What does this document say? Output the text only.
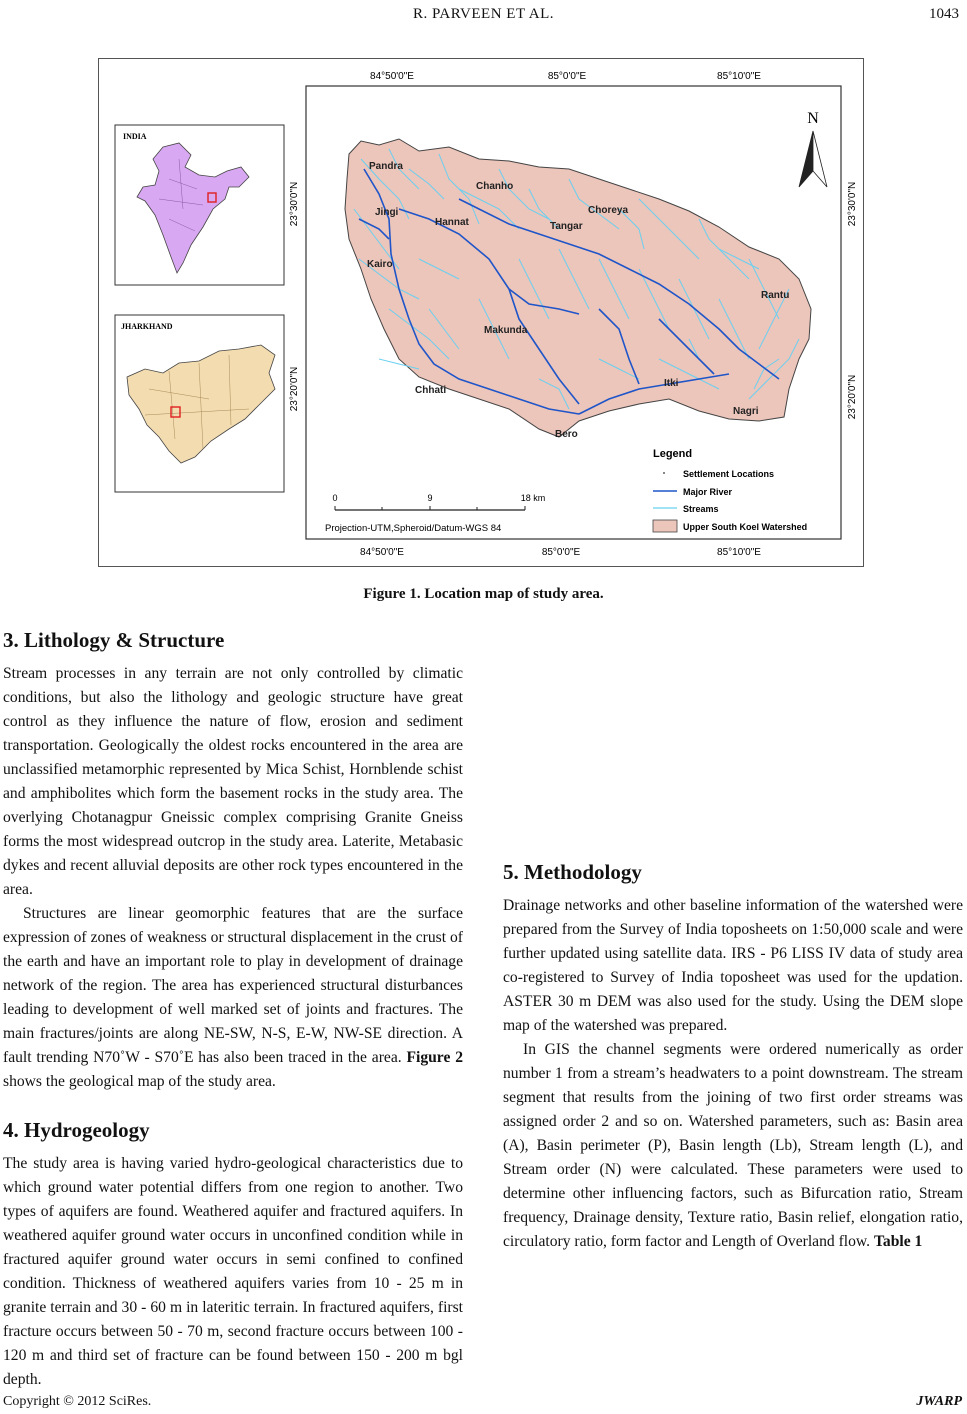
R. PARVEEN ET AL.	1043
84°50'0"E	85°0'0"E	85°10'0"E
84°50'0"E	85°0'0"E	85°10'0"E
23°30'0"N
23°20'0"N
23°30'0"N
23°20'0"N
INDIA
JHARKHAND
Pandra
Chanho
Jingi
Hannat
Choreya
Tangar
Kairo
Rantu
Makunda
Chhati
Itki
Nagri
Bero
N
0	9	18 km
Projection-UTM,Spheroid/Datum-WGS 84
Legend
Settlement Locations
Major River
Streams
Upper South Koel Watershed
Figure 1. Location map of study area.
3. Lithology & Structure

Stream processes in any terrain are not only controlled by climatic conditions, but also the lithology and geologic structure have great control as they influence the nature of flow, erosion and sediment transportation. Geologically the oldest rocks encountered in the area are unclassified metamorphic represented by Mica Schist, Hornblende schist and amphibolites which form the basement rocks in the study area. The overlying Chotanagpur Gneissic complex comprising Granite Gneiss forms the most widespread outcrop in the study area. Laterite, Metabasic dykes and recent alluvial deposits are other rock types encountered in the area.

Structures are linear geomorphic features that are the surface expression of zones of weakness or structural displacement in the crust of the earth and have an important role to play in development of drainage network of the region. The area has experienced structural disturbances leading to development of well marked set of joints and fractures. The main fractures/joints are along NE-SW, N-S, E-W, NW-SE direction. A fault trending N70˚W - S70˚E has also been traced in the area. Figure 2 shows the geological map of the study area.

4. Hydrogeology

The study area is having varied hydro-geological characteristics due to which ground water potential differs from one region to another. Two types of aquifers are found. Weathered aquifer and fractured aquifers. In weathered aquifer ground water occurs in unconfined condition while in fractured aquifer ground water occurs in semi confined to confined condition. Thickness of weathered aquifers varies from 10 - 25 m in granite terrain and 30 - 60 m in lateritic terrain. In fractured aquifers, first fracture occurs between 50 - 70 m, second fracture occurs between 100 - 120 m and third set of fracture can be found between 150 - 200 m bgl depth.

5. Methodology

Drainage networks and other baseline information of the watershed were prepared from the Survey of India toposheets on 1:50,000 scale and were further updated using satellite data. IRS - P6 LISS IV data of study area co-registered to Survey of India toposheet was used for the updation. ASTER 30 m DEM was also used for the study. Using the DEM slope map of the watershed was prepared.

In GIS the channel segments were ordered numerically as order number 1 from a stream’s headwaters to a point downstream. The stream segment that results from the joining of two first order streams was assigned order 2 and so on. Watershed parameters, such as: Basin area (A), Basin perimeter (P), Basin length (Lb), Stream length (L), and Stream order (N) were calculated. These parameters were used to determine other influencing factors, such as Bifurcation ratio, Stream frequency, Drainage density, Texture ratio, Basin relief, elongation ratio, circulatory ratio, form factor and Length of Overland flow. Table 1

Copyright © 2012 SciRes.	JWARP
